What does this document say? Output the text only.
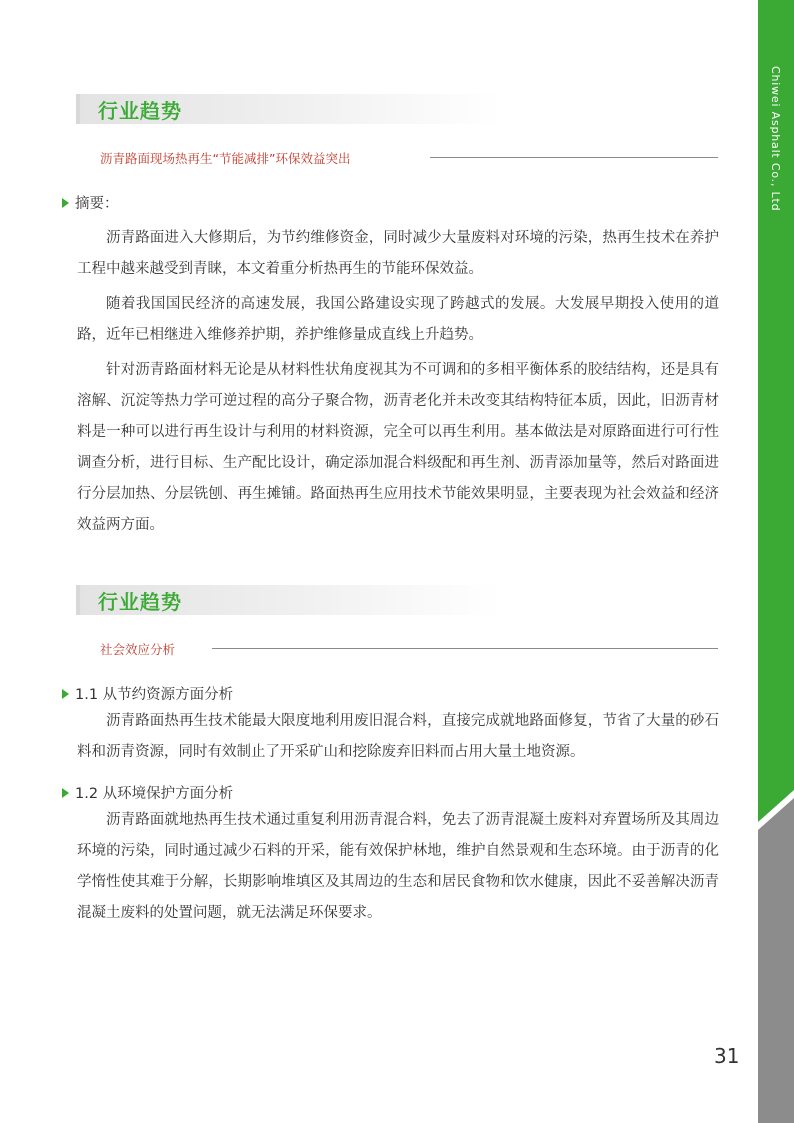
Chiwei Asphalt Co., Ltd
行业趋势
沥青路面现场热再生“节能减排”环保效益突出
摘要：

沥青路面进入大修期后，为节约维修资金，同时减少大量废料对环境的污染，热再生技术在养护工程中越来越受到青睐，本文着重分析热再生的节能环保效益。

随着我国国民经济的高速发展，我国公路建设实现了跨越式的发展。大发展早期投入使用的道路，近年已相继进入维修养护期，养护维修量成直线上升趋势。

针对沥青路面材料无论是从材料性状角度视其为不可调和的多相平衡体系的胶结结构，还是具有溶解、沉淀等热力学可逆过程的高分子聚合物，沥青老化并未改变其结构特征本质，因此，旧沥青材料是一种可以进行再生设计与利用的材料资源，完全可以再生利用。基本做法是对原路面进行可行性调查分析，进行目标、生产配比设计，确定添加混合料级配和再生剂、沥青添加量等，然后对路面进行分层加热、分层铣刨、再生摊铺。路面热再生应用技术节能效果明显，主要表现为社会效益和经济效益两方面。

行业趋势
社会效应分析
1.1 从节约资源方面分析

沥青路面热再生技术能最大限度地利用废旧混合料，直接完成就地路面修复，节省了大量的砂石料和沥青资源，同时有效制止了开采矿山和挖除废弃旧料而占用大量土地资源。

1.2 从环境保护方面分析

沥青路面就地热再生技术通过重复利用沥青混合料，免去了沥青混凝土废料对弃置场所及其周边环境的污染，同时通过减少石料的开采，能有效保护林地，维护自然景观和生态环境。由于沥青的化学惰性使其难于分解，长期影响堆填区及其周边的生态和居民食物和饮水健康，因此不妥善解决沥青混凝土废料的处置问题，就无法满足环保要求。

31
